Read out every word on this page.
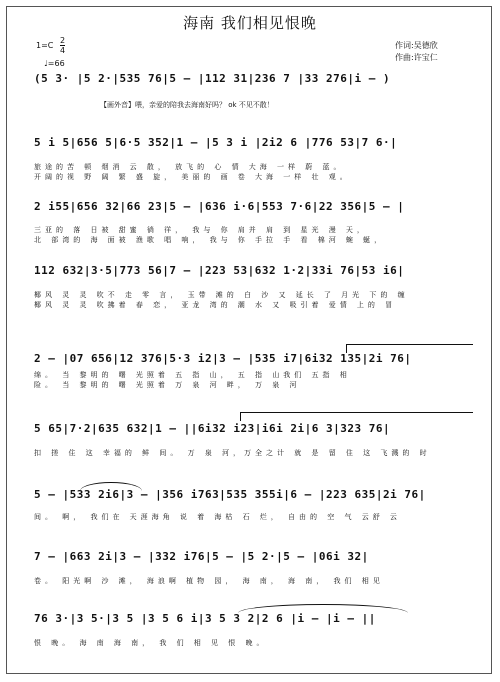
海南 我们相见恨晚
作词:吴德欣
作曲:许宝仁
$1=C \frac{2}{4}$
♩=66
【画外音】喂，亲爱的陪我去海南好吗？ ok 不见不散！
(5 3· |5 2·|535 76|5 – |112 31|236 7 |33 276|i – )
5 i 5|656 5|6·5 352|1 – |5 3 i |2i2 6 |776 53|7 6·|
旅途的苦 顿 烟消 云 散， 放飞的 心 情 大海 一样 蔚 蓝。
开阔的视 野 阔 繁 盛 旋， 美丽的 画 卷 大海 一样 壮 观。
2 i55|656 32|66 23|5 – |636 i·6|553 7·6|22 356|5 – |
三亚的 落 日被 甜蜜 徜 徉， 我与 你 肩并 肩 到 星光 漫 天，
北 部湾的 海 面被 渔歌 唱 响， 我与 你 手拉 手 看 棉河 蜿 蜒，
112 632|3·5|773 56|7 – |223 53|632 1·2|33i 76|53 i6|
椰风 灵 灵 吹不 走 零 言， 玉带 滩的 白 沙 又 延长 了 月光 下的 缠
椰风 灵 灵 吹拂着 春 恋， 亚龙 湾的 潮 水 又 吸引着 爱情 上的 冒
2 – |07 656|12 376|5·3 i2|3 – |535 i7|6i32 135|2i 76|
绵。 当 黎明的 曙 光照着 五 指 山， 五 指 山我们 五指 相
险。 当 黎明的 曙 光照着 万 泉 河 畔， 万 泉 河
5 65|7·2|635 632|1 – ||6i32 i23|i6i 2i|6 3|323 76|
扣 搓 住 这 幸福的 鲜 间。 万 泉 河，万全之计 就 是 留 住 这 飞溅的 时
5 – |533 2i6|3 – |356 i763|535 355i|6 – |223 635|2i 76|
间。 啊， 我们在 天涯海角 说 着 海枯 石 烂， 自由的 空 气 云舒 云
7 – |663 2i|3 – |332 i76|5 – |5 2·|5 – |06i 32|
卷。 阳光啊 沙 滩， 海浪啊 植物 园， 海 南， 海 南， 我们 相见
76 3·|3 5·|3 5 |3 5 6 i|3 5 3 2|2 6 |i – |i – ||
恨 晚。 海 南 海 南， 我 们 相 见 恨 晚。
